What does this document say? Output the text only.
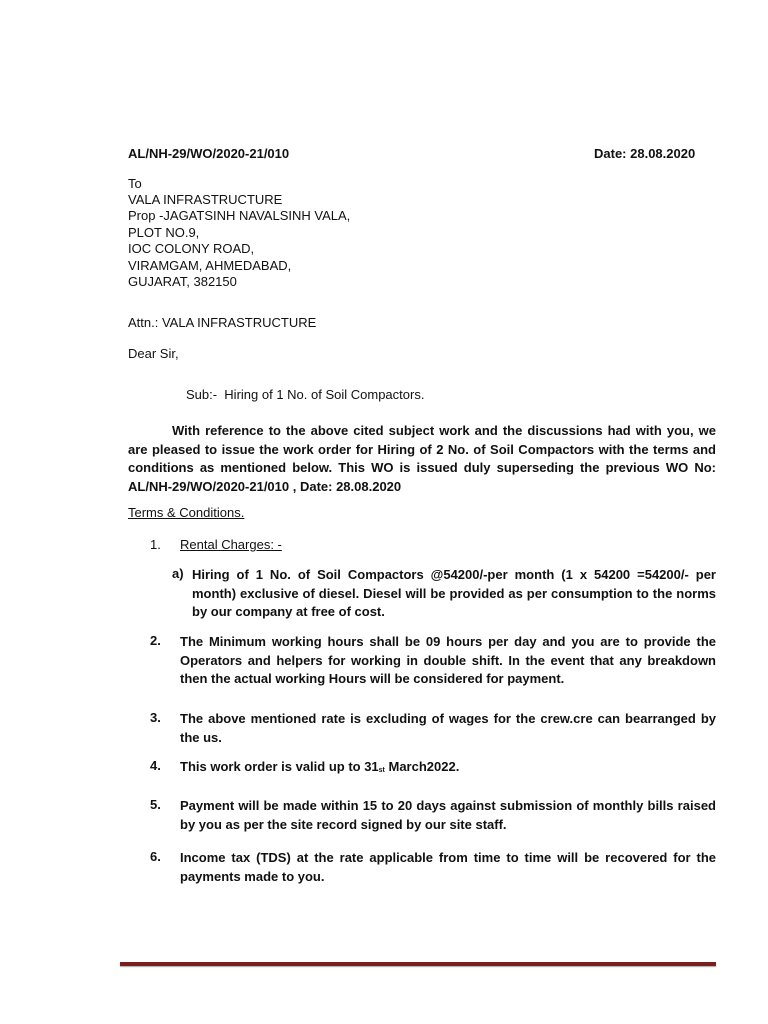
AL/NH-29/WO/2020-21/010	Date: 28.08.2020
To
VALA INFRASTRUCTURE
Prop -JAGATSINH NAVALSINH VALA,
PLOT NO.9,
IOC COLONY ROAD,
VIRAMGAM, AHMEDABAD,
GUJARAT, 382150
Attn.: VALA INFRASTRUCTURE
Dear Sir,
Sub:-  Hiring of 1 No. of Soil Compactors.
With reference to the above cited subject work and the discussions had with you, we are pleased to issue the work order for Hiring of 2 No. of Soil Compactors with the terms and conditions as mentioned below. This WO is issued duly superseding the previous WO No: AL/NH-29/WO/2020-21/010 , Date: 28.08.2020
Terms & Conditions.
1. Rental Charges: -
a) Hiring of 1 No. of Soil Compactors @54200/-per month (1 x 54200 =54200/- per month) exclusive of diesel. Diesel will be provided as per consumption to the norms by our company at free of cost.
2. The Minimum working hours shall be 09 hours per day and you are to provide the Operators and helpers for working in double shift. In the event that any breakdown then the actual working Hours will be considered for payment.
3. The above mentioned rate is excluding of wages for the crew.cre can bearranged by the us.
4. This work order is valid up to $31_{st}$ March2022.
5. Payment will be made within 15 to 20 days against submission of monthly bills raised by you as per the site record signed by our site staff.
6. Income tax (TDS) at the rate applicable from time to time will be recovered for the payments made to you.
